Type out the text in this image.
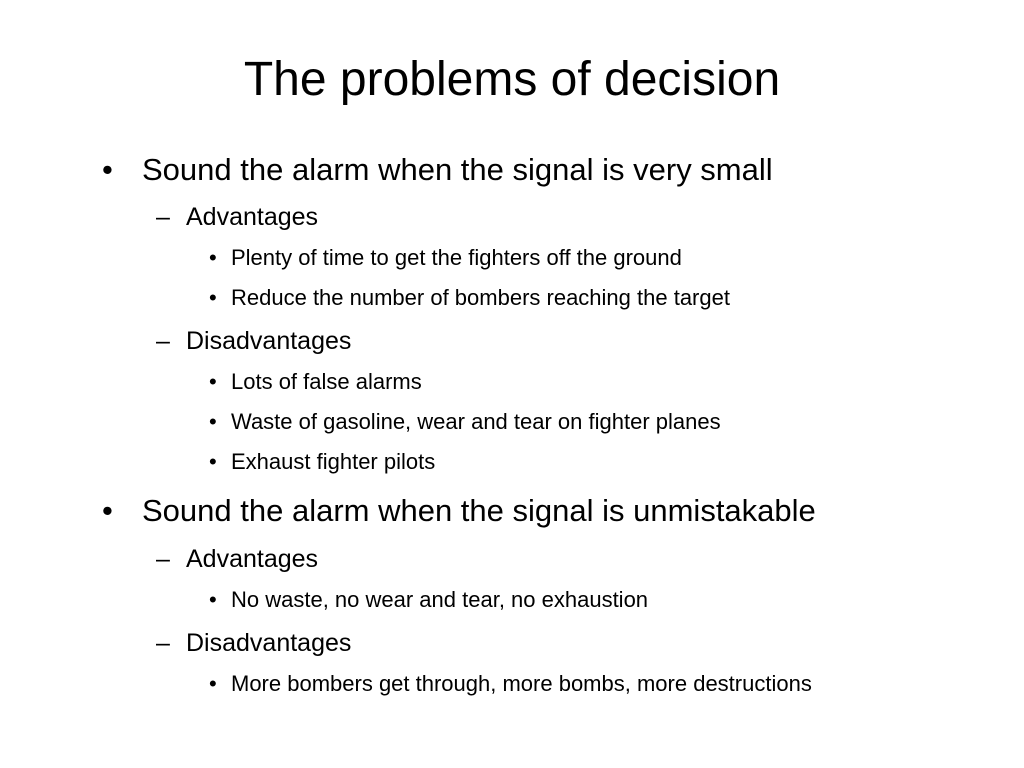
The problems of decision
• Sound the alarm when the signal is very small
– Advantages
• Plenty of time to get the fighters off the ground
• Reduce the number of bombers reaching the target
– Disadvantages
• Lots of false alarms
• Waste of gasoline, wear and tear on fighter planes
• Exhaust fighter pilots
• Sound the alarm when the signal is unmistakable
– Advantages
• No waste, no wear and tear, no exhaustion
– Disadvantages
• More bombers get through, more bombs, more destructions
